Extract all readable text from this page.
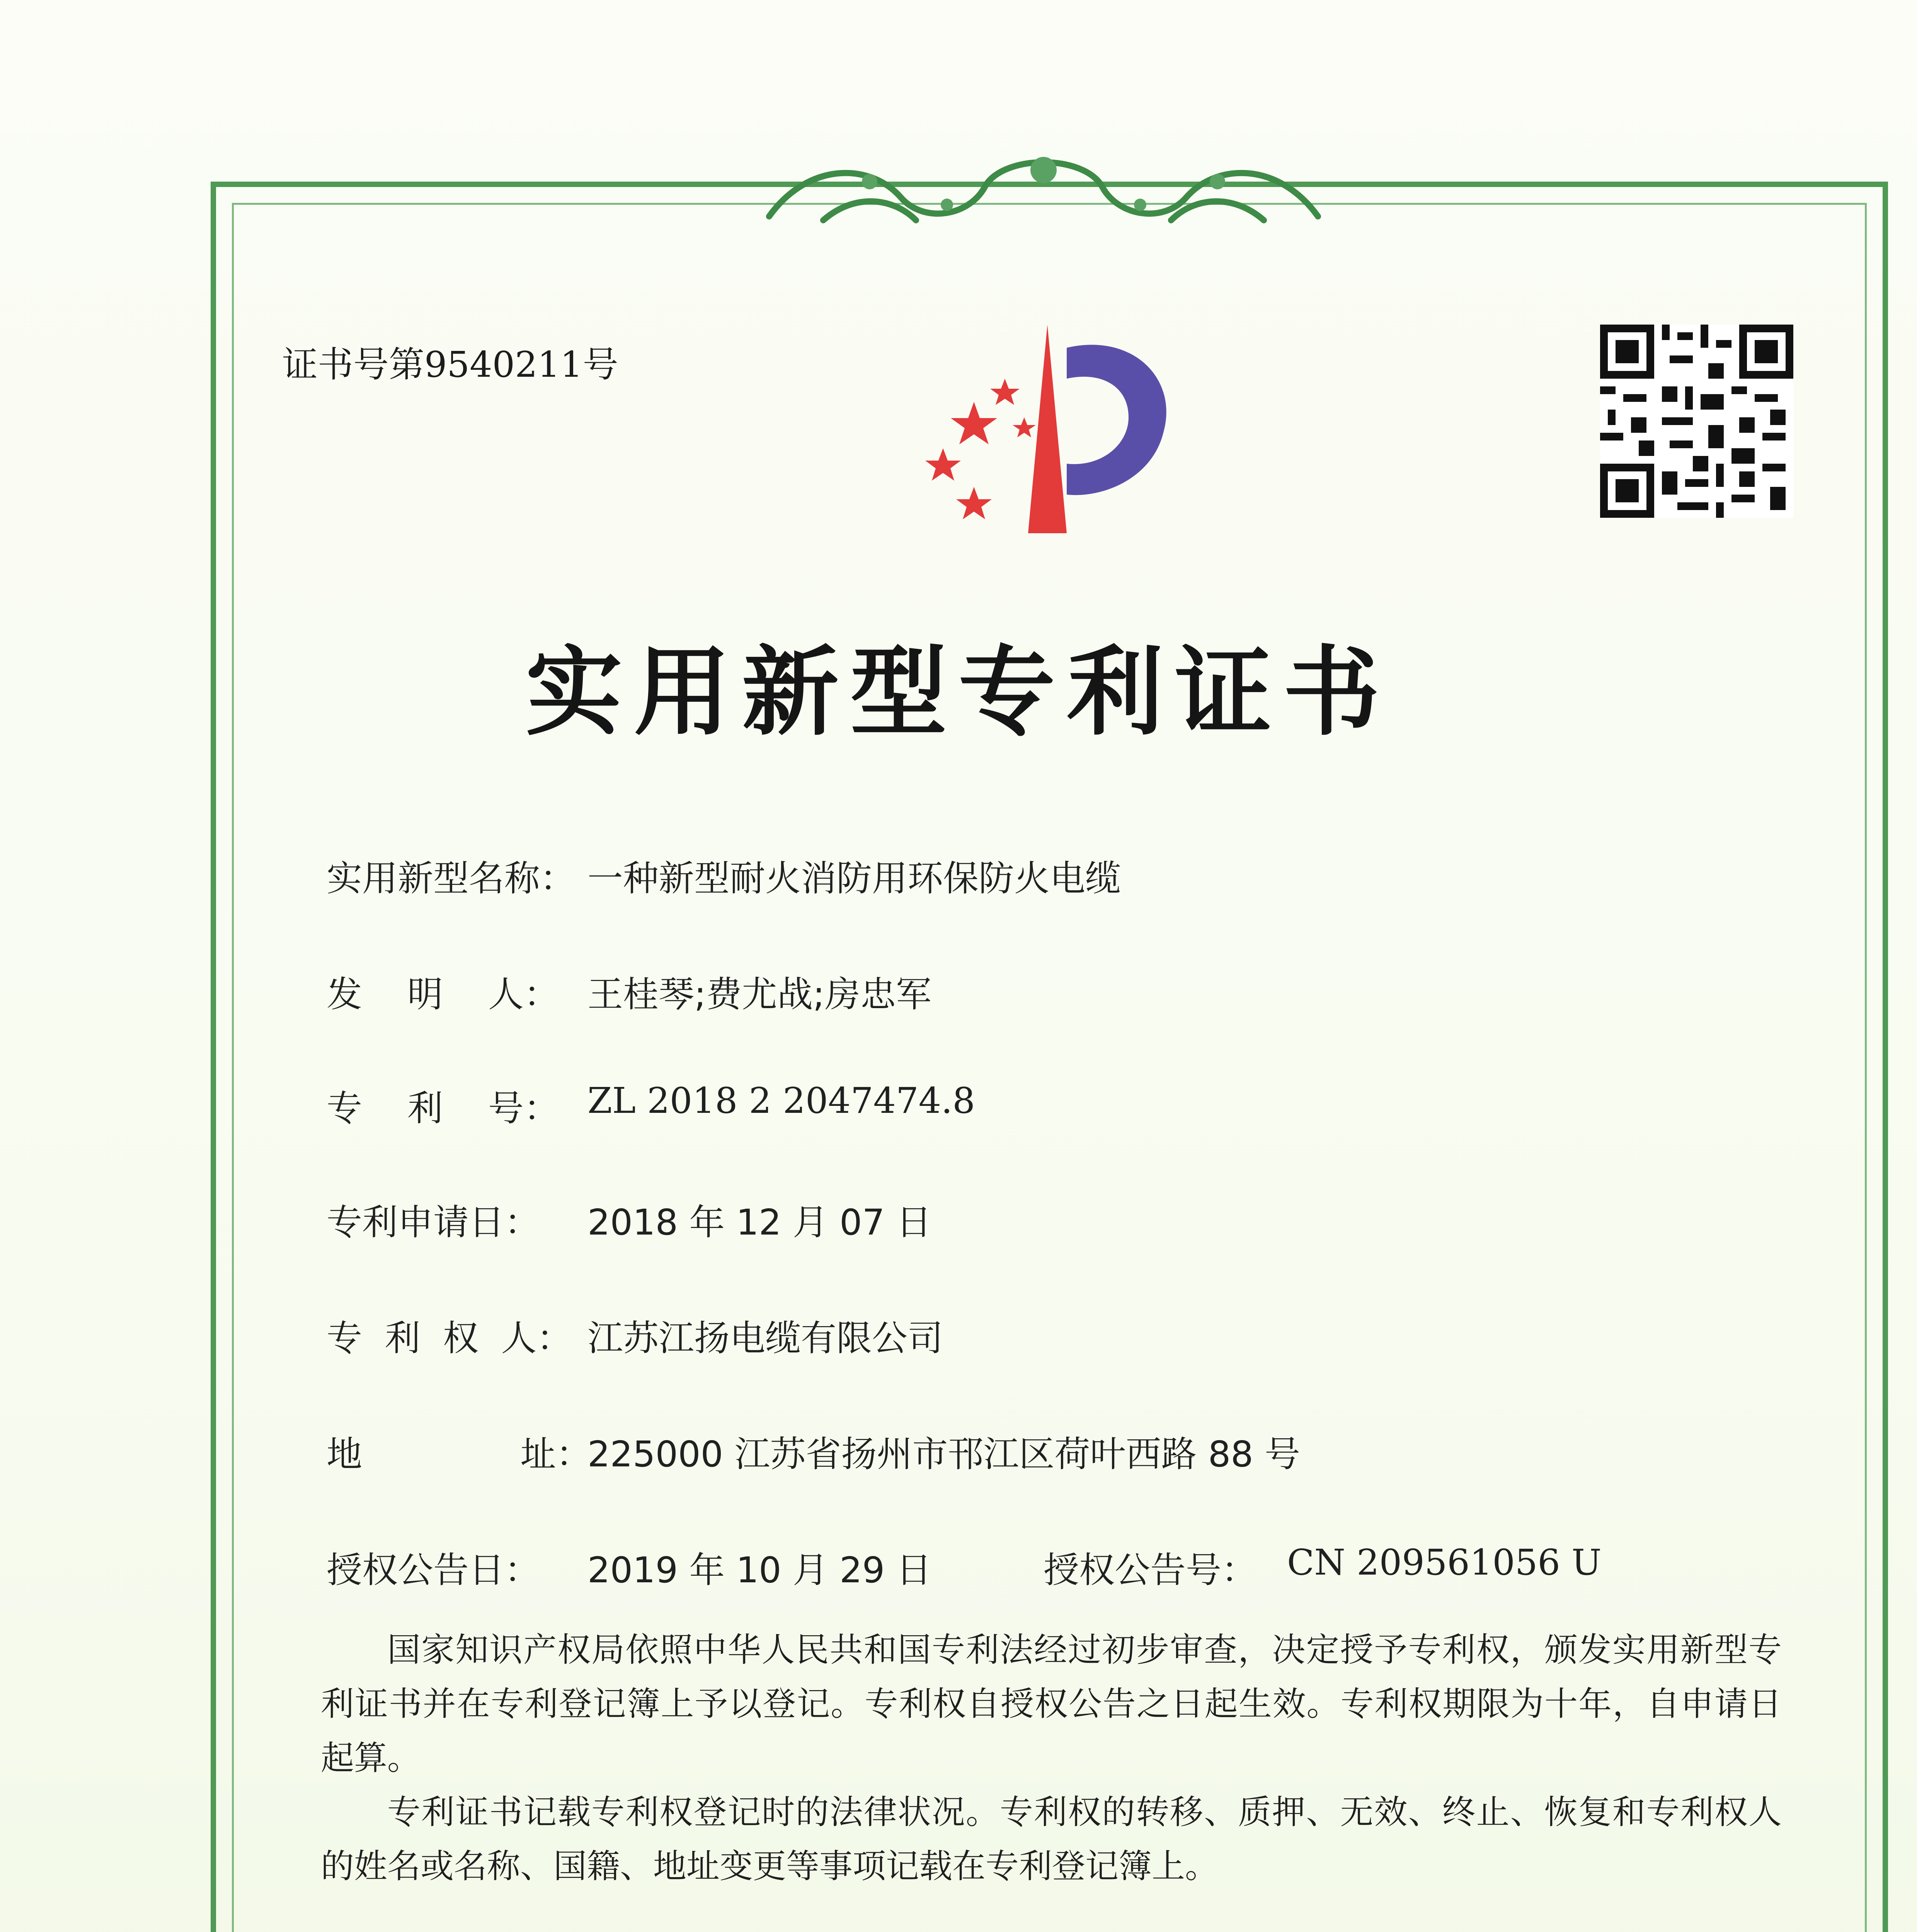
证书号第9540211号
实用新型专利证书
实用新型名称： 一种新型耐火消防用环保防火电缆
发    明    人： 王桂琴;费尤战;房忠军
专    利    号： ZL 2018 2 2047474.8
专利申请日： 2018 年 12 月 07 日
专  利  权  人： 江苏江扬电缆有限公司
地              址：
225000 江苏省扬州市邗江区荷叶西路 88 号
授权公告日： 2019 年 10 月 29 日	授权公告号： CN 209561056 U
国家知识产权局依照中华人民共和国专利法经过初步审查，决定授予专利权，颁发实用新型专利证书并在专利登记簿上予以登记。专利权自授权公告之日起生效。专利权期限为十年，自申请日起算。
专利证书记载专利权登记时的法律状况。专利权的转移、质押、无效、终止、恢复和专利权人的姓名或名称、国籍、地址变更等事项记载在专利登记簿上。
